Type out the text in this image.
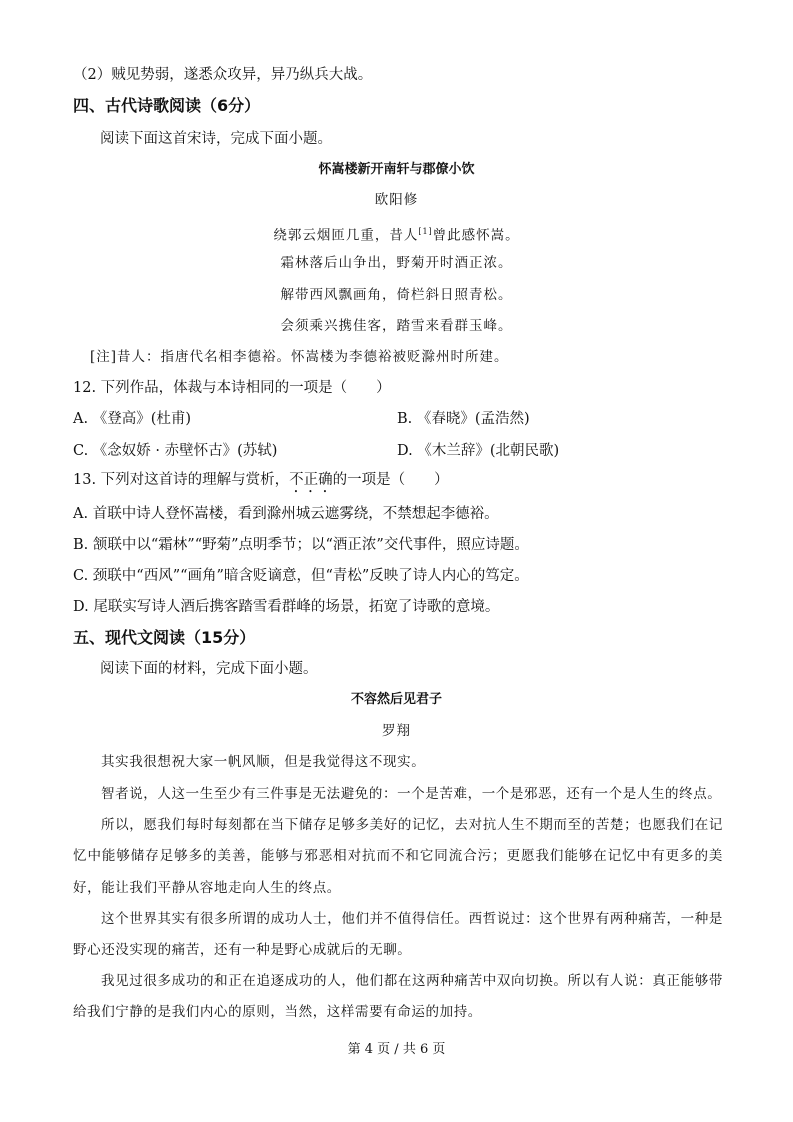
（2）贼见势弱，遂悉众攻异，异乃纵兵大战。
四、古代诗歌阅读（6分）
阅读下面这首宋诗，完成下面小题。
怀嵩楼新开南轩与郡僚小饮
欧阳修
绕郭云烟匝几重，昔人[1]曾此感怀嵩。
霜林落后山争出，野菊开时酒正浓。
解带西风飘画角，倚栏斜日照青松。
会须乘兴携佳客，踏雪来看群玉峰。
[注]昔人：指唐代名相李德裕。怀嵩楼为李德裕被贬滁州时所建。
12. 下列作品，体裁与本诗相同的一项是（　　）
A. 《登高》(杜甫)	B. 《春晓》(孟浩然)
C. 《念奴娇 · 赤壁怀古》(苏轼)	D. 《木兰辞》(北朝民歌)
13. 下列对这首诗的理解与赏析，不正确的一项是（　　）
A. 首联中诗人登怀嵩楼，看到滁州城云遮雾绕，不禁想起李德裕。
B. 颔联中以“霜林”“野菊”点明季节；以“酒正浓”交代事件，照应诗题。
C. 颈联中“西风”“画角”暗含贬谪意，但“青松”反映了诗人内心的笃定。
D. 尾联实写诗人酒后携客踏雪看群峰的场景，拓宽了诗歌的意境。
五、现代文阅读（15分）
阅读下面的材料，完成下面小题。
不容然后见君子
罗翔
其实我很想祝大家一帆风顺，但是我觉得这不现实。
智者说，人这一生至少有三件事是无法避免的：一个是苦难，一个是邪恶，还有一个是人生的终点。
所以，愿我们每时每刻都在当下储存足够多美好的记忆，去对抗人生不期而至的苦楚；也愿我们在记忆中能够储存足够多的美善，能够与邪恶相对抗而不和它同流合污；更愿我们能够在记忆中有更多的美好，能让我们平静从容地走向人生的终点。
这个世界其实有很多所谓的成功人士，他们并不值得信任。西哲说过：这个世界有两种痛苦，一种是野心还没实现的痛苦，还有一种是野心成就后的无聊。
我见过很多成功的和正在追逐成功的人，他们都在这两种痛苦中双向切换。所以有人说：真正能够带给我们宁静的是我们内心的原则，当然，这样需要有命运的加持。
第 4 页 / 共 6 页
